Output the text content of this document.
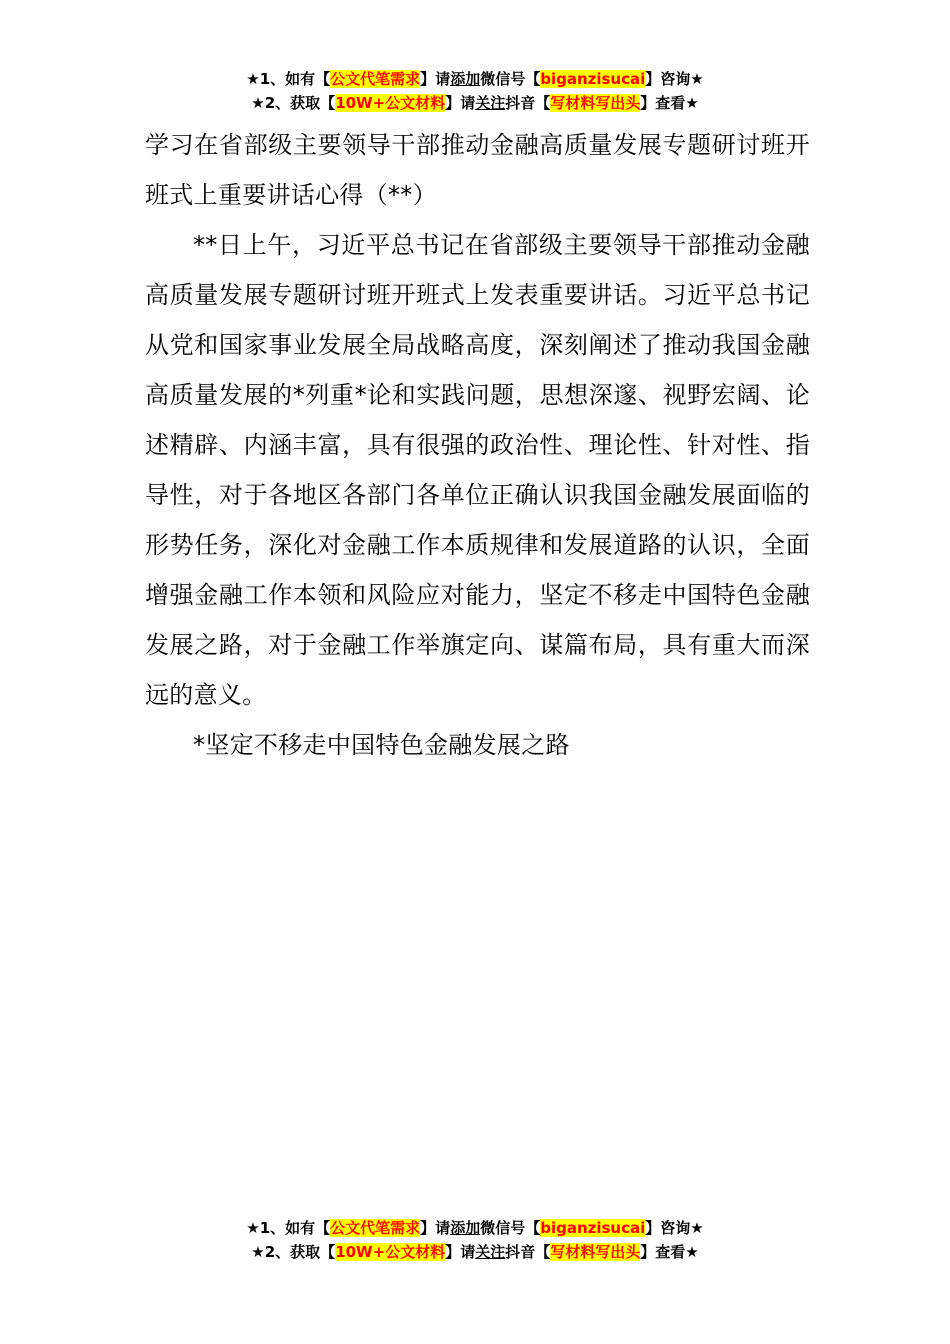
★1、如有【公文代笔需求】请添加微信号【biganzisucai】咨询★
★2、获取【10W+公文材料】请关注抖音【写材料写出头】查看★

学习在省部级主要领导干部推动金融高质量发展专题研讨班开班式上重要讲话心得（**）

**日上午，习近平总书记在省部级主要领导干部推动金融高质量发展专题研讨班开班式上发表重要讲话。习近平总书记从党和国家事业发展全局战略高度，深刻阐述了推动我国金融高质量发展的*列重*论和实践问题，思想深邃、视野宏阔、论述精辟、内涵丰富，具有很强的政治性、理论性、针对性、指导性，对于各地区各部门各单位正确认识我国金融发展面临的形势任务，深化对金融工作本质规律和发展道路的认识，全面增强金融工作本领和风险应对能力，坚定不移走中国特色金融发展之路，对于金融工作举旗定向、谋篇布局，具有重大而深远的意义。

*坚定不移走中国特色金融发展之路

★1、如有【公文代笔需求】请添加微信号【biganzisucai】咨询★
★2、获取【10W+公文材料】请关注抖音【写材料写出头】查看★
